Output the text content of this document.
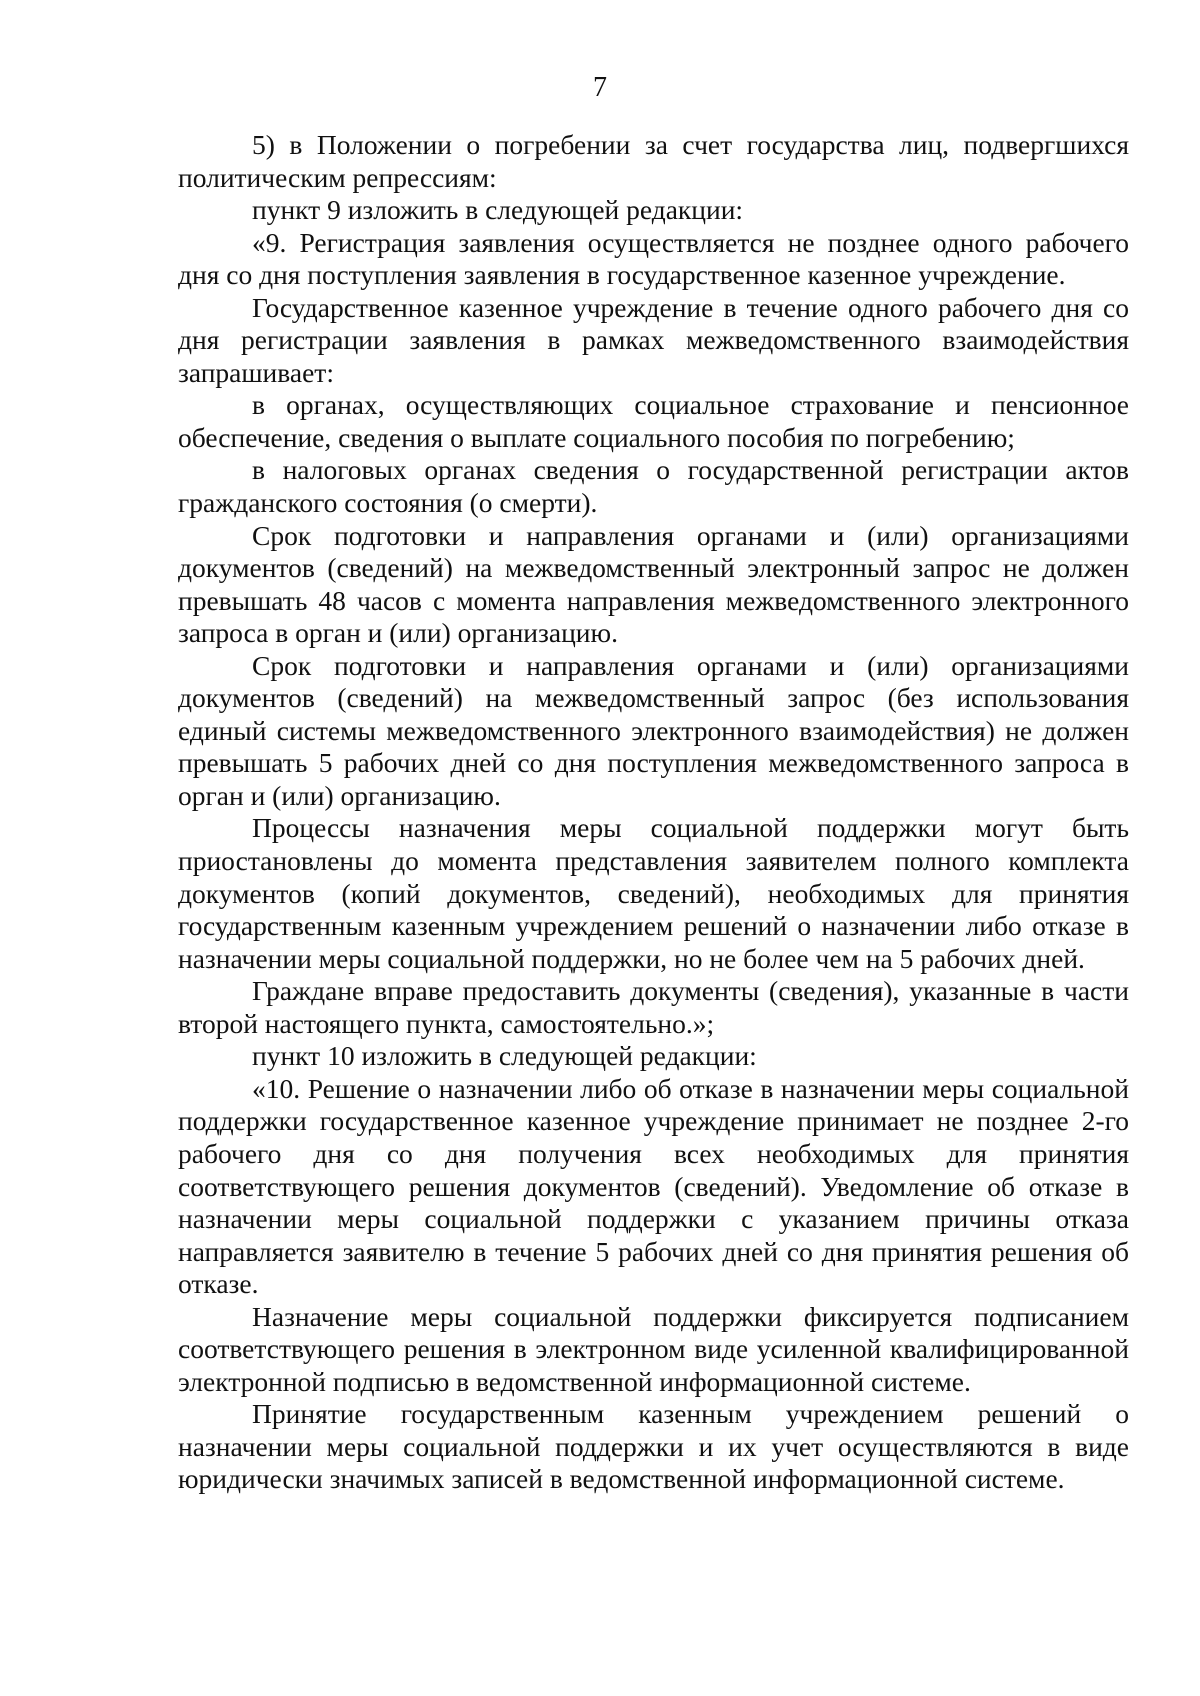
7

5) в Положении о погребении за счет государства лиц, подвергшихся политическим репрессиям:

пункт 9 изложить в следующей редакции:

«9. Регистрация заявления осуществляется не позднее одного рабочего дня со дня поступления заявления в государственное казенное учреждение.

Государственное казенное учреждение в течение одного рабочего дня со дня регистрации заявления в рамках межведомственного взаимодействия запрашивает:

в органах, осуществляющих социальное страхование и пенсионное обеспечение, сведения о выплате социального пособия по погребению;

в налоговых органах сведения о государственной регистрации актов гражданского состояния (о смерти).

Срок подготовки и направления органами и (или) организациями документов (сведений) на межведомственный электронный запрос не должен превышать 48 часов с момента направления межведомственного электронного запроса в орган и (или) организацию.

Срок подготовки и направления органами и (или) организациями документов (сведений) на межведомственный запрос (без использования единый системы межведомственного электронного взаимодействия) не должен превышать 5 рабочих дней со дня поступления межведомственного запроса в орган и (или) организацию.

Процессы назначения меры социальной поддержки могут быть приостановлены до момента представления заявителем полного комплекта документов (копий документов, сведений), необходимых для принятия государственным казенным учреждением решений о назначении либо отказе в назначении меры социальной поддержки, но не более чем на 5 рабочих дней.

Граждане вправе предоставить документы (сведения), указанные в части второй настоящего пункта, самостоятельно.»;

пункт 10 изложить в следующей редакции:

«10. Решение о назначении либо об отказе в назначении меры социальной поддержки государственное казенное учреждение принимает не позднее 2-го рабочего дня со дня получения всех необходимых для принятия соответствующего решения документов (сведений). Уведомление об отказе в назначении меры социальной поддержки с указанием причины отказа направляется заявителю в течение 5 рабочих дней со дня принятия решения об отказе.

Назначение меры социальной поддержки фиксируется подписанием соответствующего решения в электронном виде усиленной квалифицированной электронной подписью в ведомственной информационной системе.

Принятие государственным казенным учреждением решений о назначении меры социальной поддержки и их учет осуществляются в виде юридически значимых записей в ведомственной информационной системе.
